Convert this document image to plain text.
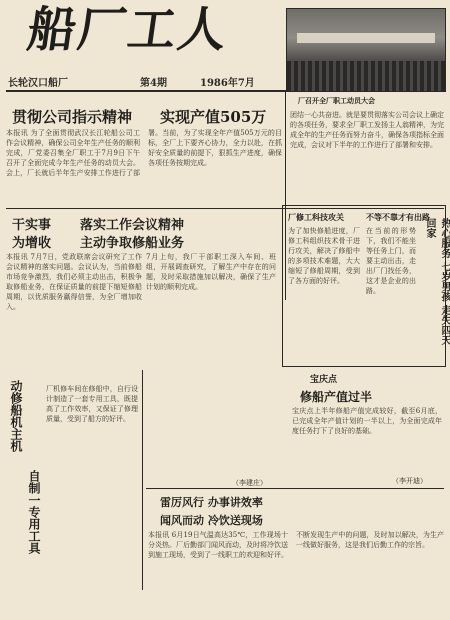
船厂工人
厂召开全厂职工动员大会
长轮汉口船厂	第4期	1986年7月
贯彻公司指示精神 实现产值505万
本报讯 为了全面贯彻武汉长江轮船公司工作会议精神，确保公司全年生产任务的顺利完成，厂党委召集全厂职工于7月9日下午召开了全面完成今年生产任务的动员大会。 会上，厂长就后半年生产安排工作进行了部署。当前，为了实现全年产值505万元的目标，全厂上下要齐心协力，全力以赴，在抓好安全质量的前提下，狠抓生产进度，确保各项任务按期完成。
团结一心共奋进。就是要贯彻落实公司会议上确定的各项任务，要求全厂职工发扬主人翁精神，为完成全年的生产任务而努力奋斗，确保各项指标全面完成，会议对下半年的工作进行了部署和安排。
干实事
为增收
落实工作会议精神
主动争取修船业务
本报讯 7月7日，党政联席会议研究了工作会议精神的落实问题。会议认为，当前修船市场竞争激烈，我们必须主动出击，积极争取修船业务，在保证质量的前提下缩短修船周期，以优质服务赢得信誉，为全厂增加收入。
7月上旬，我厂干部职工深入车间、班组，开展调查研究，了解生产中存在的问题，及时采取措施加以解决，确保了生产计划的顺利完成。
动修船机主机
自制一专用工具
厂机修车间在修船中，自行设计制造了一套专用工具，既提高了工作效率，又保证了修理质量，受到了船方的好评。
厂修工科技攻关
为了加快修船进度，厂修工科组织技术骨干进行攻关，解决了修船中的多项技术难题，大大缩短了修船周期，受到了各方面的好评。
不等不靠才有出路
在当前的形势下，我们不能坐等任务上门，而要主动出击，走出厂门找任务，这才是企业的出路。	热心服务 七岁男孩 走失四天 回家
宝庆点
修船产值过半
宝庆点上半年修船产值完成较好，截至6月底，已完成全年产值计划的一半以上，为全面完成年度任务打下了良好的基础。
雷厉风行 办事讲效率
闻风而动 冷饮送现场
本报讯 6月19日气温高达35℃，工作现场十分炎热。厂后勤部门闻风而动，及时将冷饮送到施工现场，受到了一线职工的欢迎和好评。
不断发现生产中的问题，及时加以解决，为生产一线做好服务，这是我们后勤工作的宗旨。
（李建庄）	（李开迪）
